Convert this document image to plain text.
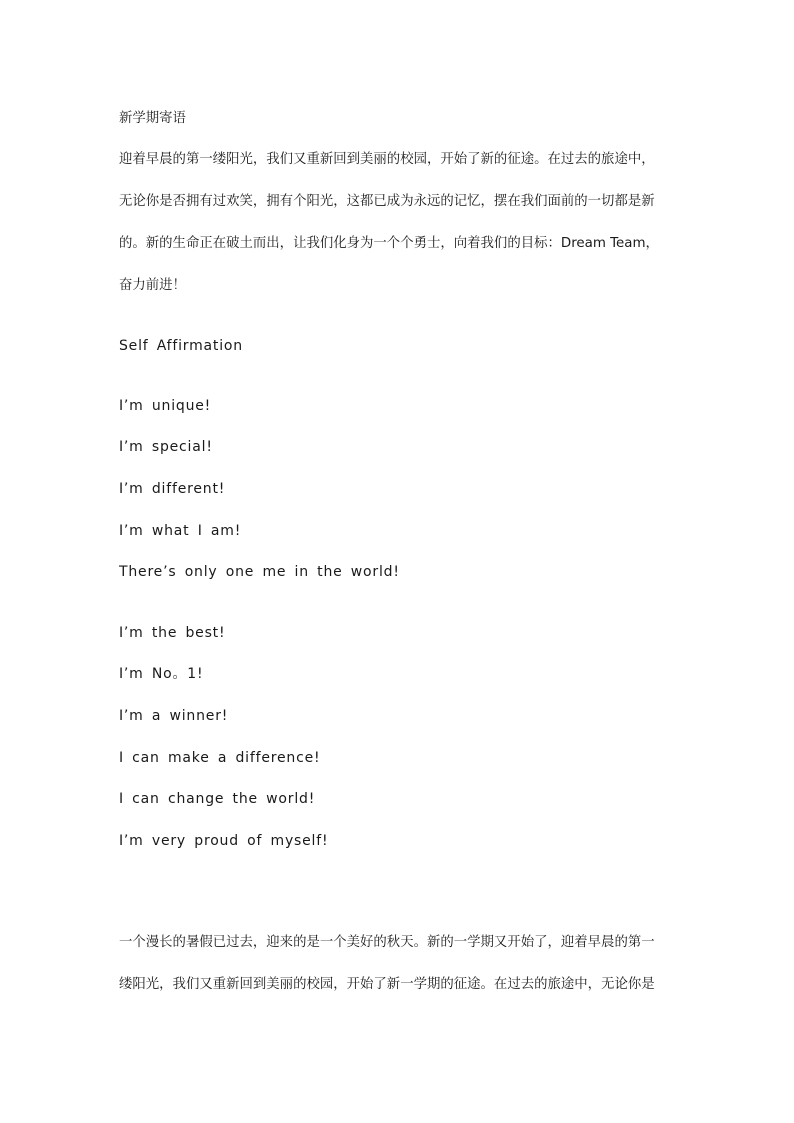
新学期寄语
迎着早晨的第一缕阳光，我们又重新回到美丽的校园，开始了新的征途。在过去的旅途中，
无论你是否拥有过欢笑，拥有个阳光，这都已成为永远的记忆，摆在我们面前的一切都是新
的。新的生命正在破土而出，让我们化身为一个个勇士，向着我们的目标：Dream Team，
奋力前进！
Self Affirmation
I’m unique!
I’m special!
I’m different!
I’m what I am!
There’s only one me in the world!
I’m the best!
I’m No。1!
I’m a winner!
I can make a difference!
I can change the world!
I’m very proud of myself!
一个漫长的暑假已过去，迎来的是一个美好的秋天。新的一学期又开始了，迎着早晨的第一
缕阳光，我们又重新回到美丽的校园，开始了新一学期的征途。在过去的旅途中，无论你是
